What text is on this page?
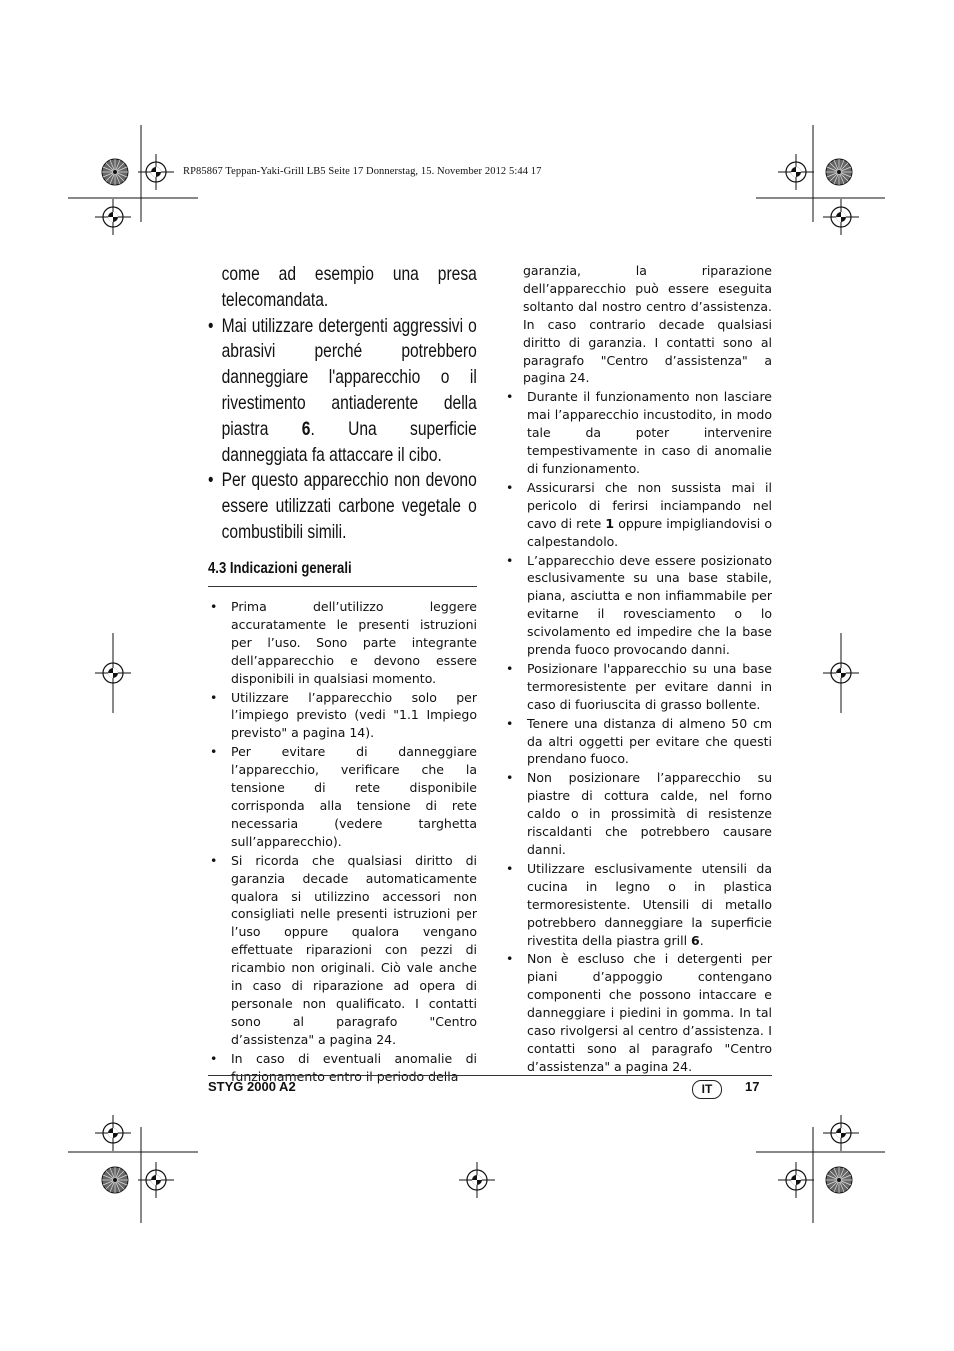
RP85867 Teppan-Yaki-Grill LB5 Seite 17 Donnerstag, 15. November 2012 5:44 17

come ad esempio una presa telecomandata.

• Mai utilizzare detergenti aggressivi o abrasivi perché potrebbero danneggiare l'apparecchio o il rivestimento antiaderente della piastra 6. Una superficie danneggiata fa attaccare il cibo.

• Per questo apparecchio non devono essere utilizzati carbone vegetale o combustibili simili.

4.3 Indicazioni generali
• Prima dell’utilizzo leggere accuratamente le presenti istruzioni per l’uso. Sono parte integrante dell’apparecchio e devono essere disponibili in qualsiasi momento.
• Utilizzare l’apparecchio solo per l’impiego previsto (vedi "1.1 Impiego previsto" a pagina 14).
• Per evitare di danneggiare l’apparecchio, verificare che la tensione di rete disponibile corrisponda alla tensione di rete necessaria (vedere targhetta sull’apparecchio).
• Si ricorda che qualsiasi diritto di garanzia decade automaticamente qualora si utilizzino accessori non consigliati nelle presenti istruzioni per l’uso oppure qualora vengano effettuate riparazioni con pezzi di ricambio non originali. Ciò vale anche in caso di riparazione ad opera di personale non qualificato. I contatti sono al paragrafo "Centro d’assistenza" a pagina 24.
• In caso di eventuali anomalie di funzionamento entro il periodo della

garanzia, la riparazione dell’apparecchio può essere eseguita soltanto dal nostro centro d’assistenza. In caso contrario decade qualsiasi diritto di garanzia. I contatti sono al paragrafo "Centro d’assistenza" a pagina 24.

• Durante il funzionamento non lasciare mai l’apparecchio incustodito, in modo tale da poter intervenire tempestivamente in caso di anomalie di funzionamento.
• Assicurarsi che non sussista mai il pericolo di ferirsi inciampando nel cavo di rete 1 oppure impigliandovisi o calpestandolo.
• L’apparecchio deve essere posizionato esclusivamente su una base stabile, piana, asciutta e non infiammabile per evitarne il rovesciamento o lo scivolamento ed impedire che la base prenda fuoco provocando danni.
• Posizionare l'apparecchio su una base termoresistente per evitare danni in caso di fuoriuscita di grasso bollente.
• Tenere una distanza di almeno 50 cm da altri oggetti per evitare che questi prendano fuoco.
• Non posizionare l’apparecchio su piastre di cottura calde, nel forno caldo o in prossimità di resistenze riscaldanti che potrebbero causare danni.
• Utilizzare esclusivamente utensili da cucina in legno o in plastica termoresistente. Utensili di metallo potrebbero danneggiare la superficie rivestita della piastra grill 6.
• Non è escluso che i detergenti per piani d’appoggio contengano componenti che possono intaccare e danneggiare i piedini in gomma. In tal caso rivolgersi al centro d’assistenza. I contatti sono al paragrafo "Centro d’assistenza" a pagina 24.
STYG 2000 A2	IT	17
